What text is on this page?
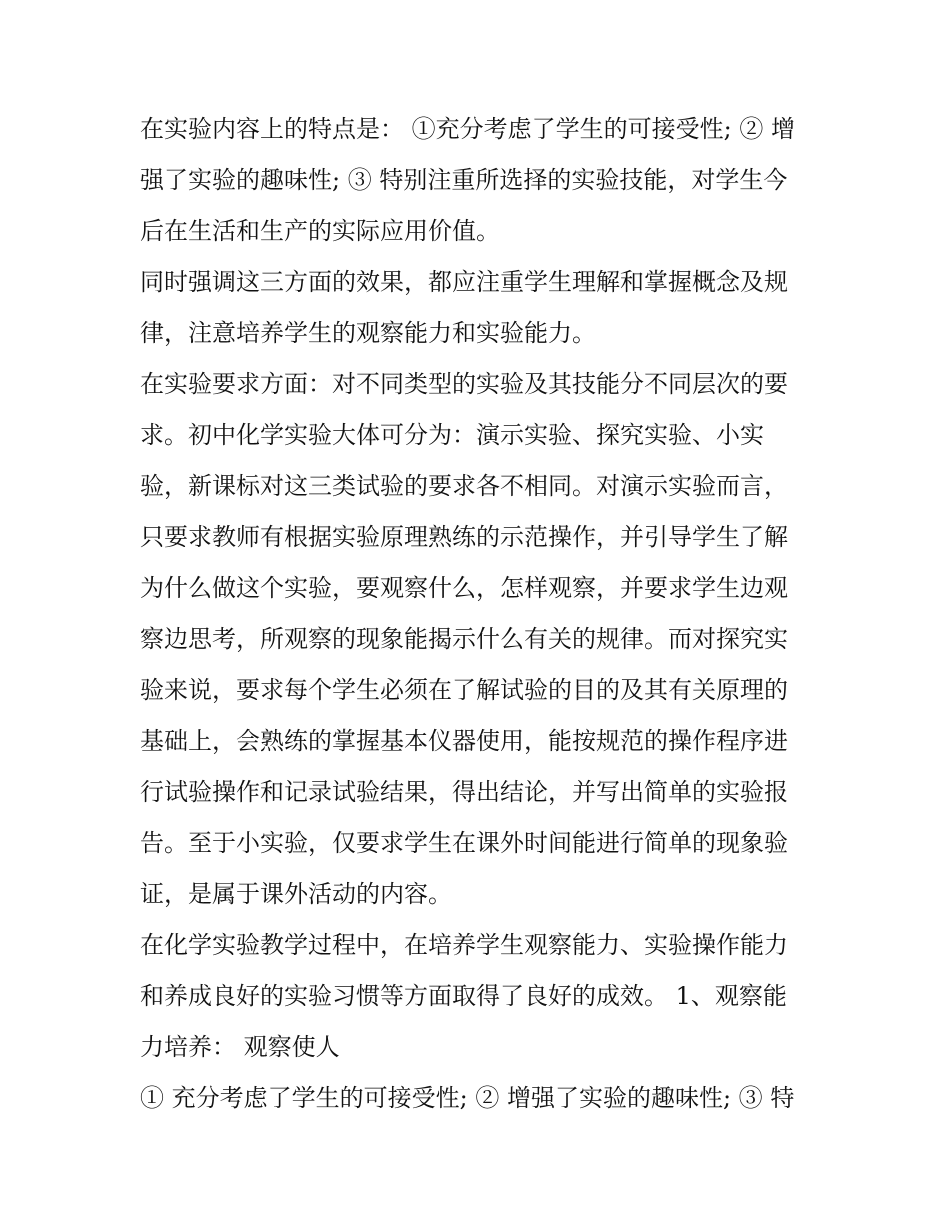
在实验内容上的特点是： ①充分考虑了学生的可接受性; ② 增
强了实验的趣味性; ③ 特别注重所选择的实验技能，对学生今
后在生活和生产的实际应用价值。
同时强调这三方面的效果，都应注重学生理解和掌握概念及规
律，注意培养学生的观察能力和实验能力。
在实验要求方面：对不同类型的实验及其技能分不同层次的要
求。初中化学实验大体可分为：演示实验、探究实验、小实
验，新课标对这三类试验的要求各不相同。对演示实验而言，
只要求教师有根据实验原理熟练的示范操作，并引导学生了解
为什么做这个实验，要观察什么，怎样观察，并要求学生边观
察边思考，所观察的现象能揭示什么有关的规律。而对探究实
验来说，要求每个学生必须在了解试验的目的及其有关原理的
基础上，会熟练的掌握基本仪器使用，能按规范的操作程序进
行试验操作和记录试验结果，得出结论，并写出简单的实验报
告。至于小实验，仅要求学生在课外时间能进行简单的现象验
证，是属于课外活动的内容。
在化学实验教学过程中，在培养学生观察能力、实验操作能力
和养成良好的实验习惯等方面取得了良好的成效。 1、观察能
力培养： 观察使人
① 充分考虑了学生的可接受性; ② 增强了实验的趣味性; ③ 特
